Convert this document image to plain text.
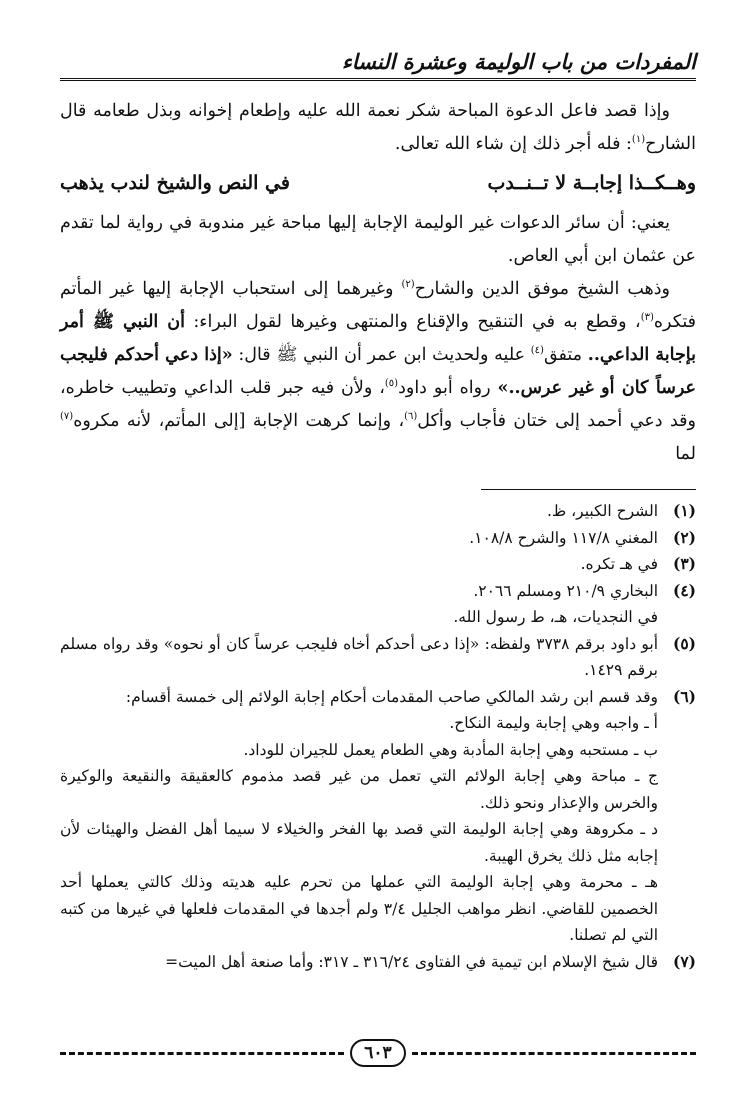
المفردات من باب الوليمة وعشرة النساء

وإذا قصد فاعل الدعوة المباحة شكر نعمة الله عليه وإطعام إخوانه وبذل طعامه قال الشارح$^{(١)}$: فله أجر ذلك إن شاء الله تعالى.

وهــكــذا إجابــة لا تــنــدب
في النص والشيخ لندب يذهب

يعني: أن سائر الدعوات غير الوليمة الإجابة إليها مباحة غير مندوبة في رواية لما تقدم عن عثمان ابن أبي العاص.

وذهب الشيخ موفق الدين والشارح$^{(٢)}$ وغيرهما إلى استحباب الإجابة إليها غير المأتم فتكره$^{(٣)}$، وقطع به في التنقيح والإقناع والمنتهى وغيرها لقول البراء: أن النبي ﷺ أمر بإجابة الداعي.. متفق$^{(٤)}$ عليه ولحديث ابن عمر أن النبي ﷺ قال: «إذا دعي أحدكم فليجب عرساً كان أو غير عرس..» رواه أبو داود$^{(٥)}$، ولأن فيه جبر قلب الداعي وتطييب خاطره، وقد دعي أحمد إلى ختان فأجاب وأكل$^{(٦)}$، وإنما كرهت الإجابة [إلى المأتم، لأنه مكروه$^{(٧)}$ لما

(١)
الشرح الكبير، ظ.
(٢)
المغني ١١٧/٨ والشرح ١٠٨/٨.
(٣)
في هـ تكره.
(٤)
البخاري ٢١٠/٩ ومسلم ٢٠٦٦.
في النجديات، هـ، ط رسول الله.
(٥)
أبو داود برقم ٣٧٣٨ ولفظه: «إذا دعى أحدكم أخاه فليجب عرساً كان أو نحوه» وقد رواه مسلم برقم ١٤٢٩.
(٦)
وقد قسم ابن رشد المالكي صاحب المقدمات أحكام إجابة الولائم إلى خمسة أقسام:
أ ـ واجبه وهي إجابة وليمة النكاح.
ب ـ مستحبه وهي إجابة المأدبة وهي الطعام يعمل للجيران للوداد.
ج ـ مباحة وهي إجابة الولائم التي تعمل من غير قصد مذموم كالعقيقة والنقيعة والوكيرة والخرس والإعذار ونحو ذلك.
د ـ مكروهة وهي إجابة الوليمة التي قصد بها الفخر والخيلاء لا سيما أهل الفضل والهيئات لأن إجابه مثل ذلك يخرق الهيبة.
هـ ـ محرمة وهي إجابة الوليمة التي عملها من تحرم عليه هديته وذلك كالتي يعملها أحد الخصمين للقاضي. انظر مواهب الجليل ٣/٤ ولم أجدها في المقدمات فلعلها في غيرها من كتبه التي لم تصلنا.
(٧)
قال شيخ الإسلام ابن تيمية في الفتاوى ٣١٦/٢٤ ـ ٣١٧: وأما صنعة أهل الميت=
٦٠٣
